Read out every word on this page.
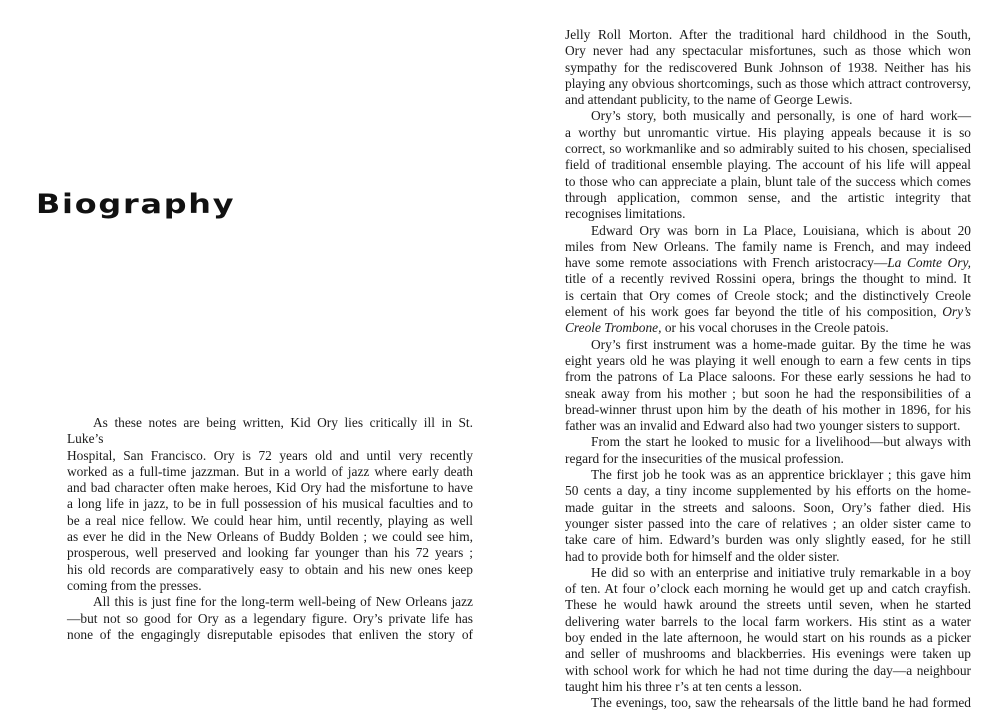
Biography

As these notes are being written, Kid Ory lies critically ill in St. Luke’s
Hospital, San Francisco. Ory is 72 years old and until very recently
worked as a full-time jazzman. But in a world of jazz where early death
and bad character often make heroes, Kid Ory had the misfortune to have
a long life in jazz, to be in full possession of his musical faculties and to
be a real nice fellow. We could hear him, until recently, playing as well
as ever he did in the New Orleans of Buddy Bolden ; we could see him,
prosperous, well preserved and looking far younger than his 72 years ;
his old records are comparatively easy to obtain and his new ones keep
coming from the presses.

All this is just fine for the long-term well-being of New Orleans jazz
—but not so good for Ory as a legendary figure. Ory’s private life has
none of the engagingly disreputable episodes that enliven the story of

Jelly Roll Morton. After the traditional hard childhood in the South,
Ory never had any spectacular misfortunes, such as those which won
sympathy for the rediscovered Bunk Johnson of 1938. Neither has his
playing any obvious shortcomings, such as those which attract controversy,
and attendant publicity, to the name of George Lewis.

Ory’s story, both musically and personally, is one of hard work—
a worthy but unromantic virtue. His playing appeals because it is so
correct, so workmanlike and so admirably suited to his chosen, specialised
field of traditional ensemble playing. The account of his life will appeal
to those who can appreciate a plain, blunt tale of the success which comes
through application, common sense, and the artistic integrity that
recognises limitations.

Edward Ory was born in La Place, Louisiana, which is about 20
miles from New Orleans. The family name is French, and may indeed
have some remote associations with French aristocracy—La Comte Ory,
title of a recently revived Rossini opera, brings the thought to mind. It
is certain that Ory comes of Creole stock; and the distinctively Creole
element of his work goes far beyond the title of his composition, Ory’s
Creole Trombone, or his vocal choruses in the Creole patois.

Ory’s first instrument was a home-made guitar. By the time he was
eight years old he was playing it well enough to earn a few cents in tips
from the patrons of La Place saloons. For these early sessions he had to
sneak away from his mother ; but soon he had the responsibilities of a
bread-winner thrust upon him by the death of his mother in 1896, for his
father was an invalid and Edward also had two younger sisters to support.

From the start he looked to music for a livelihood—but always with
regard for the insecurities of the musical profession.

The first job he took was as an apprentice bricklayer ; this gave him
50 cents a day, a tiny income supplemented by his efforts on the home-
made guitar in the streets and saloons. Soon, Ory’s father died. His
younger sister passed into the care of relatives ; an older sister came to
take care of him. Edward’s burden was only slightly eased, for he still
had to provide both for himself and the older sister.

He did so with an enterprise and initiative truly remarkable in a boy
of ten. At four o’clock each morning he would get up and catch crayfish.
These he would hawk around the streets until seven, when he started
delivering water barrels to the local farm workers. His stint as a water
boy ended in the late afternoon, he would start on his rounds as a picker
and seller of mushrooms and blackberries. His evenings were taken up
with school work for which he had not time during the day—a neighbour
taught him his three r’s at ten cents a lesson.

The evenings, too, saw the rehearsals of the little band he had formed
